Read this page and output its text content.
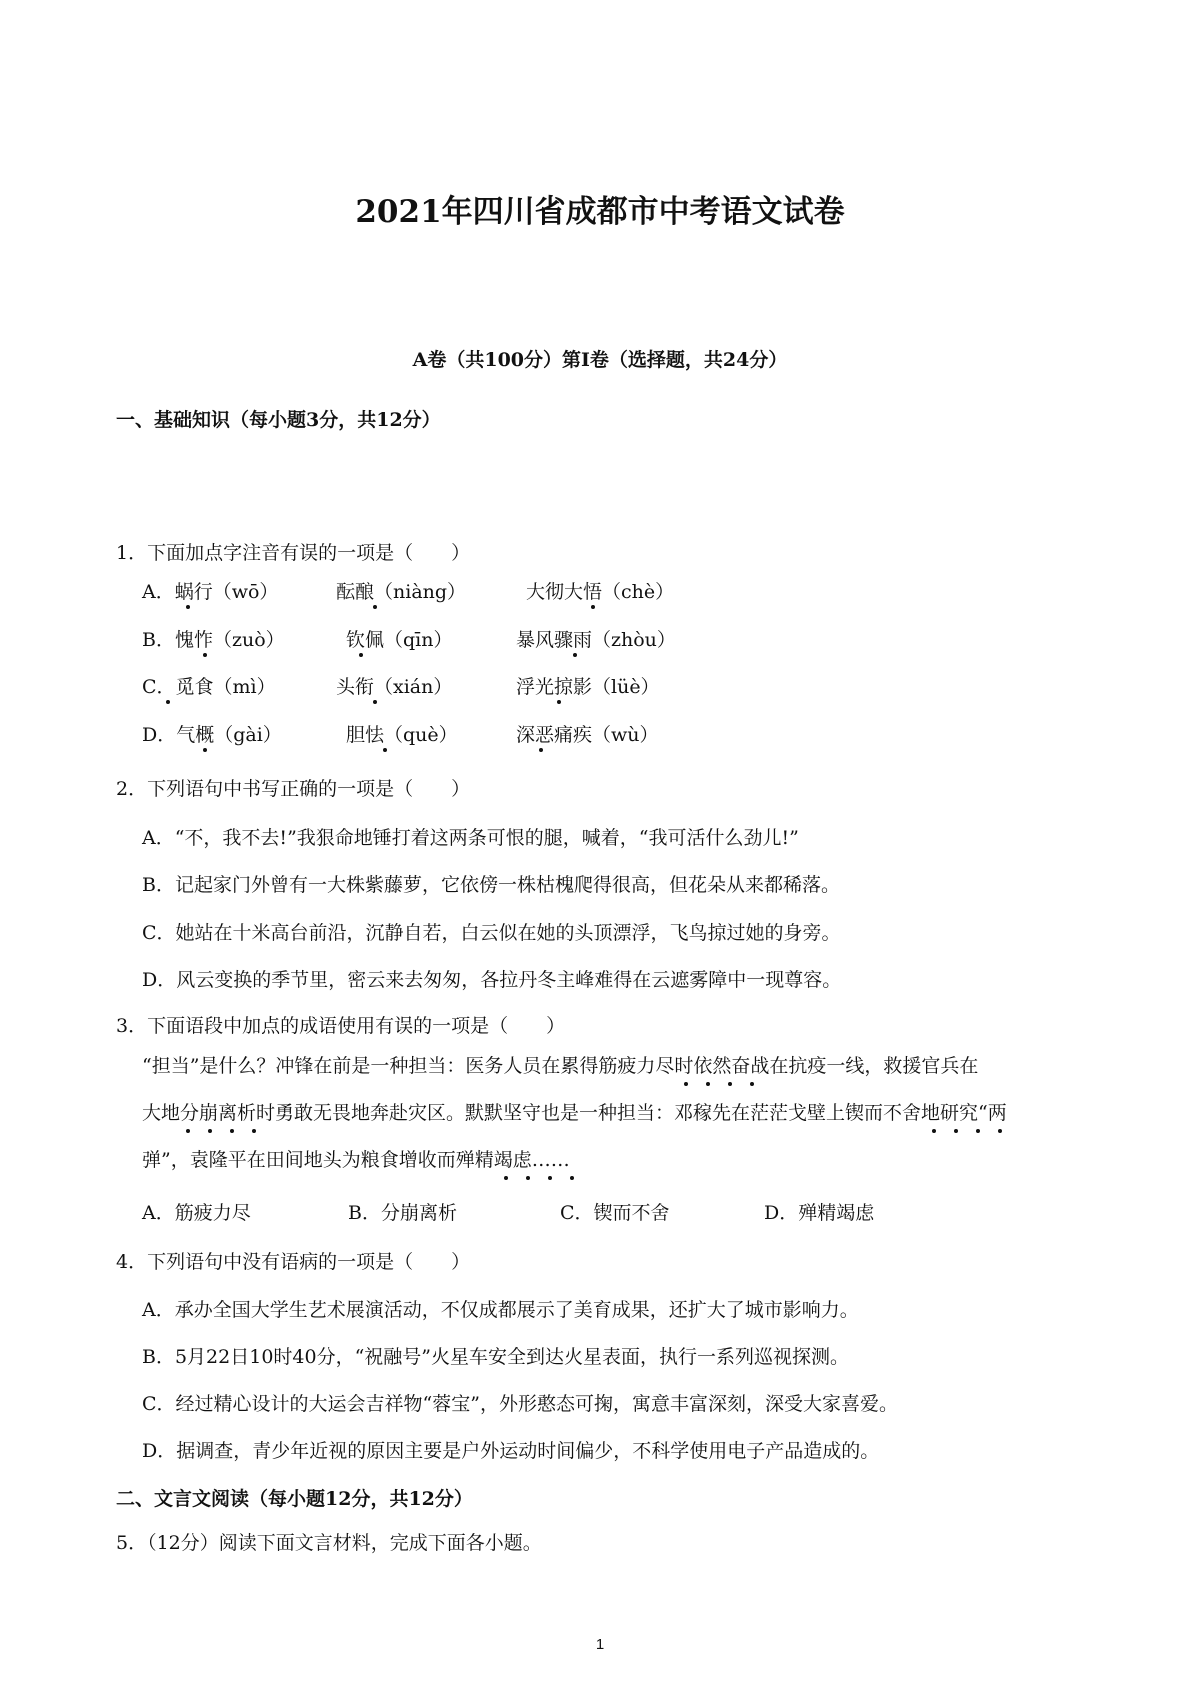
2021年四川省成都市中考语文试卷
A卷（共100分）第Ⅰ卷（选择题，共24分）
一、基础知识（每小题3分，共12分）
1．下面加点字注音有误的一项是（　　）
A．蜗行（wō）	酝酿（niàng）	大彻大悟（chè）
B．愧怍（zuò）	钦佩（qīn）	暴风骤雨（zhòu）
C．觅食（mì）	头衔（xián）	浮光掠影（lüè）
D．气概（gài）	胆怯（què）	深恶痛疾（wù）
2．下列语句中书写正确的一项是（　　）
A．“不，我不去!”我狠命地锤打着这两条可恨的腿，喊着，“我可活什么劲儿!”
B．记起家门外曾有一大株紫藤萝，它依傍一株枯槐爬得很高，但花朵从来都稀落。
C．她站在十米高台前沿，沉静自若，白云似在她的头顶漂浮，飞鸟掠过她的身旁。
D．风云变换的季节里，密云来去匆匆，各拉丹冬主峰难得在云遮雾障中一现尊容。
3．下面语段中加点的成语使用有误的一项是（　　）
“担当”是什么？冲锋在前是一种担当：医务人员在累得筋疲力尽时依然奋战在抗疫一线，救援官兵在
大地分崩离析时勇敢无畏地奔赴灾区。默默坚守也是一种担当：邓稼先在茫茫戈壁上锲而不舍地研究“两
弹”，袁隆平在田间地头为粮食增收而殚精竭虑……
A．筋疲力尽	B．分崩离析	C．锲而不舍	D．殚精竭虑
4．下列语句中没有语病的一项是（　　）
A．承办全国大学生艺术展演活动，不仅成都展示了美育成果，还扩大了城市影响力。
B．5月22日10时40分，“祝融号”火星车安全到达火星表面，执行一系列巡视探测。
C．经过精心设计的大运会吉祥物“蓉宝”，外形憨态可掬，寓意丰富深刻，深受大家喜爱。
D．据调查，青少年近视的原因主要是户外运动时间偏少，不科学使用电子产品造成的。
二、文言文阅读（每小题12分，共12分）
5．（12分）阅读下面文言材料，完成下面各小题。
1
